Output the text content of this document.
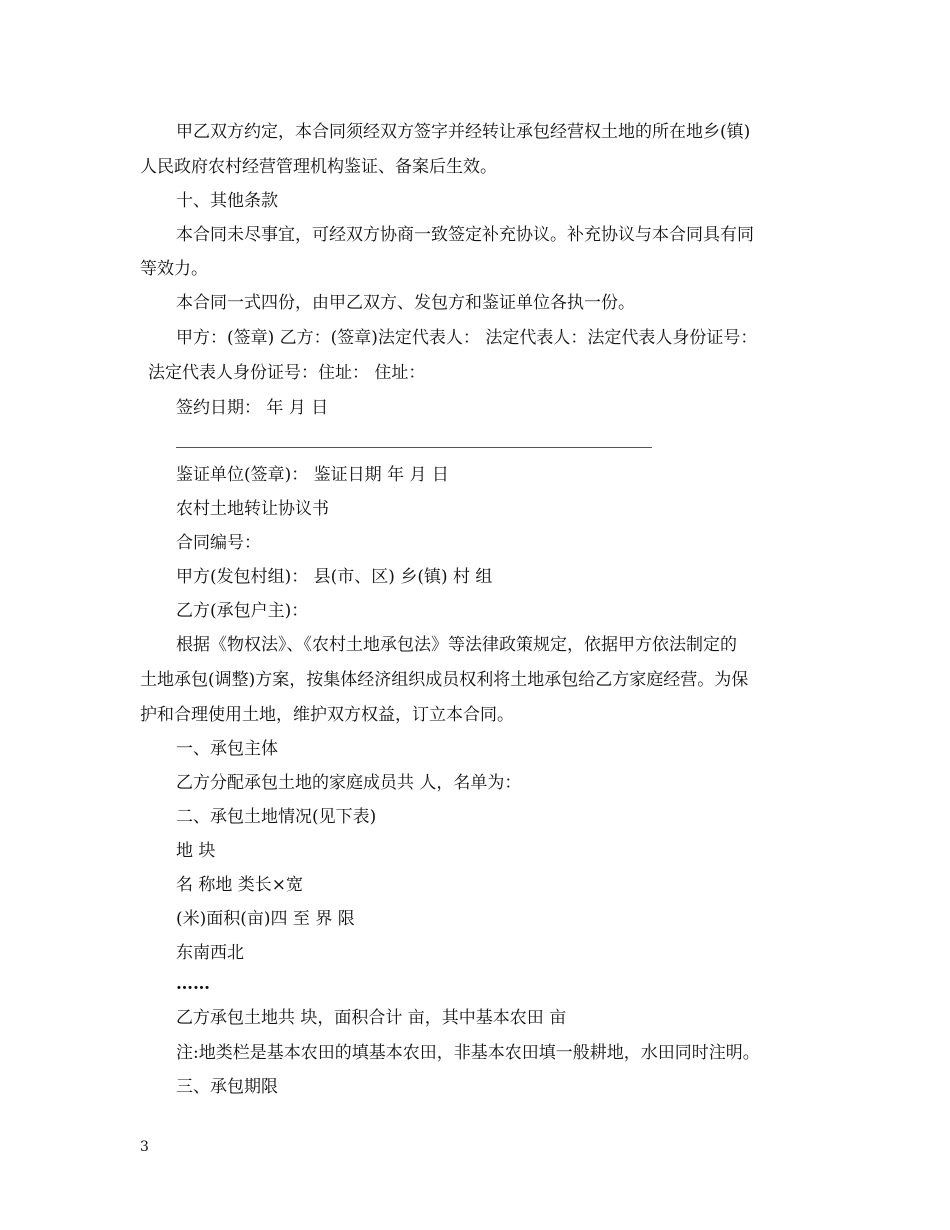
甲乙双方约定，本合同须经双方签字并经转让承包经营权土地的所在地乡(镇)
人民政府农村经营管理机构鉴证、备案后生效。
十、其他条款
本合同未尽事宜，可经双方协商一致签定补充协议。补充协议与本合同具有同
等效力。
本合同一式四份，由甲乙双方、发包方和鉴证单位各执一份。
甲方：(签章) 乙方：(签章)法定代表人： 法定代表人：法定代表人身份证号：
法定代表人身份证号：住址： 住址：
签约日期： 年 月 日
鉴证单位(签章)： 鉴证日期 年 月 日
农村土地转让协议书
合同编号：
甲方(发包村组)： 县(市、区) 乡(镇) 村 组
乙方(承包户主)：
根据《物权法》、《农村土地承包法》等法律政策规定，依据甲方依法制定的
土地承包(调整)方案，按集体经济组织成员权利将土地承包给乙方家庭经营。为保
护和合理使用土地，维护双方权益，订立本合同。
一、承包主体
乙方分配承包土地的家庭成员共 人，名单为：
二、承包土地情况(见下表)
地 块
名 称地 类长×宽
(米)面积(亩)四 至 界 限
东南西北
……
乙方承包土地共 块，面积合计 亩，其中基本农田 亩
注:地类栏是基本农田的填基本农田，非基本农田填一般耕地，水田同时注明。
三、承包期限
3
